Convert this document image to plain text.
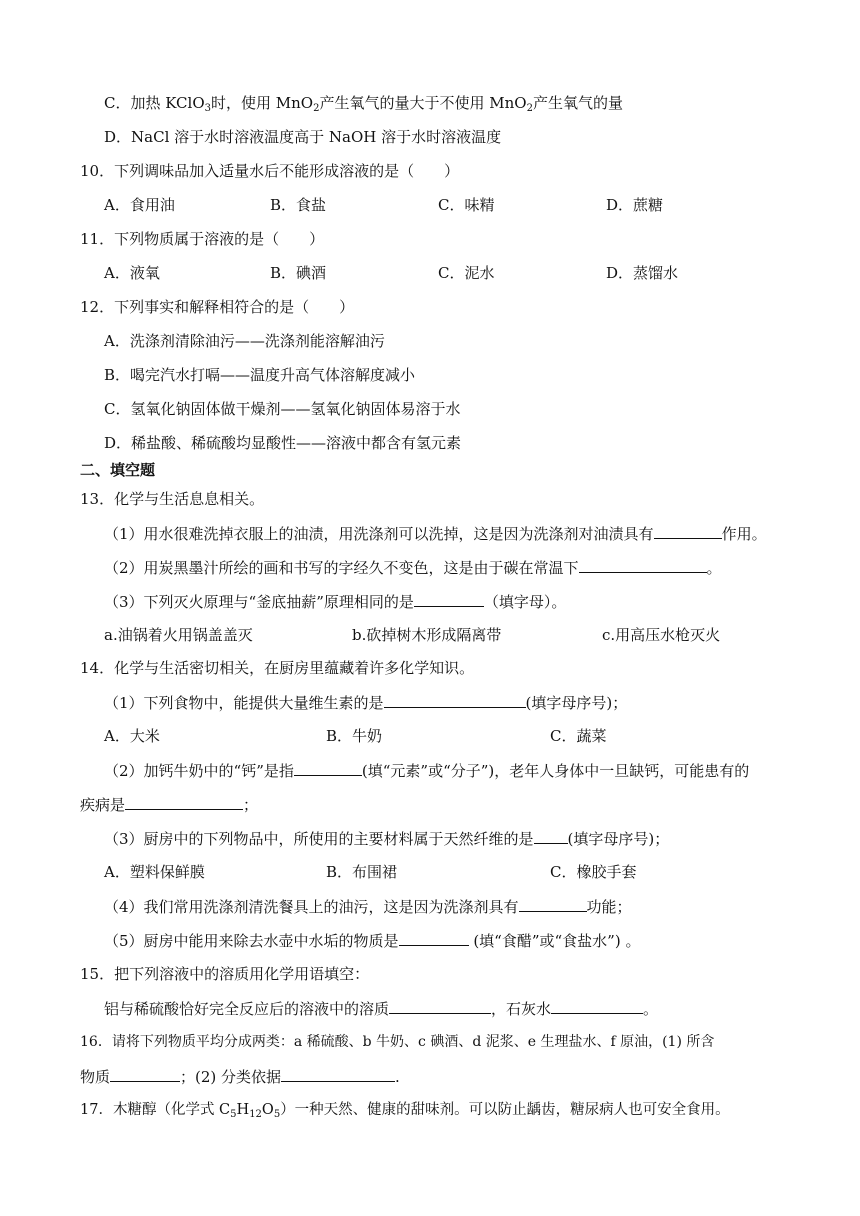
C．加热 KClO$_3$时，使用 MnO$_2$产生氧气的量大于不使用 MnO$_2$产生氧气的量
D．NaCl 溶于水时溶液温度高于 NaOH 溶于水时溶液温度
10．下列调味品加入适量水后不能形成溶液的是（　　）
A．食用油	B．食盐	C．味精	D．蔗糖
11．下列物质属于溶液的是（　　）
A．液氧	B．碘酒	C．泥水	D．蒸馏水
12．下列事实和解释相符合的是（　　）
A．洗涤剂清除油污——洗涤剂能溶解油污
B．喝完汽水打嗝——温度升高气体溶解度减小
C．氢氧化钠固体做干燥剂——氢氧化钠固体易溶于水
D．稀盐酸、稀硫酸均显酸性——溶液中都含有氢元素
二、填空题
13．化学与生活息息相关。
（1）用水很难洗掉衣服上的油渍，用洗涤剂可以洗掉，这是因为洗涤剂对油渍具有	作用。
（2）用炭黑墨汁所绘的画和书写的字经久不变色，这是由于碳在常温下	。
（3）下列灭火原理与“釜底抽薪”原理相同的是	（填字母）。
a.油锅着火用锅盖盖灭	b.砍掉树木形成隔离带	c.用高压水枪灭火
14．化学与生活密切相关，在厨房里蕴藏着许多化学知识。
（1）下列食物中，能提供大量维生素的是	(填字母序号)；
A．大米	B．牛奶	C．蔬菜
（2）加钙牛奶中的“钙”是指	(填“元素”或“分子”)，老年人身体中一旦缺钙，可能患有的
疾病是	；
（3）厨房中的下列物品中，所使用的主要材料属于天然纤维的是 (填字母序号)；
A．塑料保鲜膜	B．布围裙	C．橡胶手套
（4）我们常用洗涤剂清洗餐具上的油污，这是因为洗涤剂具有	功能；
（5）厨房中能用来除去水壶中水垢的物质是	(填“食醋”或“食盐水”) 。
15．把下列溶液中的溶质用化学用语填空：
铝与稀硫酸恰好完全反应后的溶液中的溶质	，石灰水	。
16．请将下列物质平均分成两类：a 稀硫酸、b 牛奶、c 碘酒、d 泥浆、e 生理盐水、f 原油，(1) 所含
物质	；(2) 分类依据	.
17．木糖醇（化学式 $C_5H_{12}O_5$）一种天然、健康的甜味剂。可以防止龋齿，糖尿病人也可安全食用。
